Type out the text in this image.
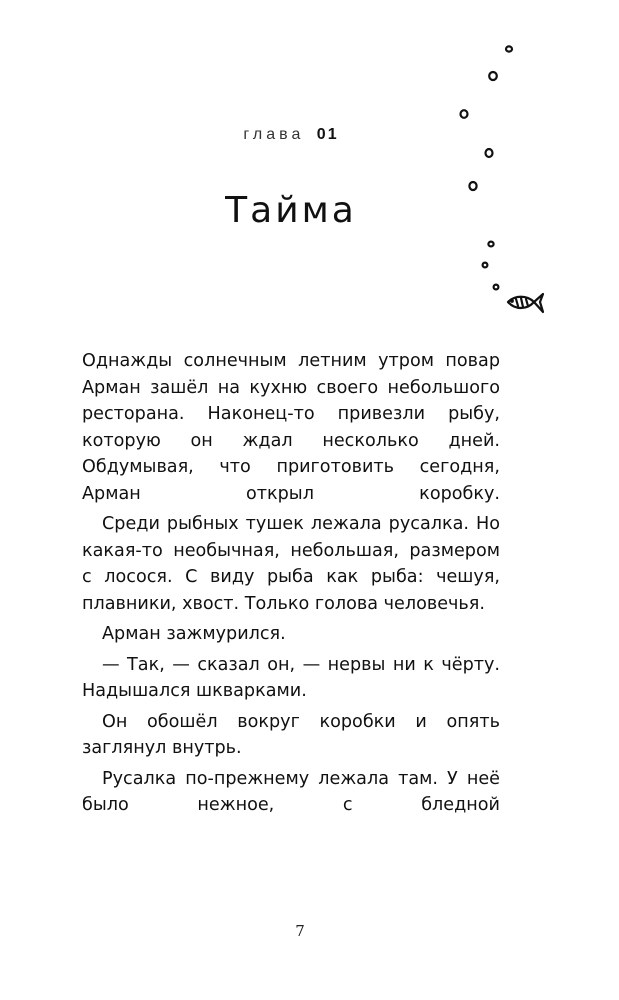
глава 01
Тайма

Однажды солнечным летним утром повар Арман зашёл на кухню своего небольшого ресторана. Наконец-то привезли рыбу, которую он ждал несколько дней. Обдумывая, что приготовить сегодня, Арман открыл коробку.

Среди рыбных тушек лежала русалка. Но какая-то необычная, небольшая, размером с лосося. С виду рыба как рыба: чешуя, плавники, хвост. Только голова человечья.

Арман зажмурился.

— Так, — сказал он, — нервы ни к чёрту. Надышался шкварками.

Он обошёл вокруг коробки и опять заглянул внутрь.

Русалка по-прежнему лежала там. У неё было нежное, с бледной

7
